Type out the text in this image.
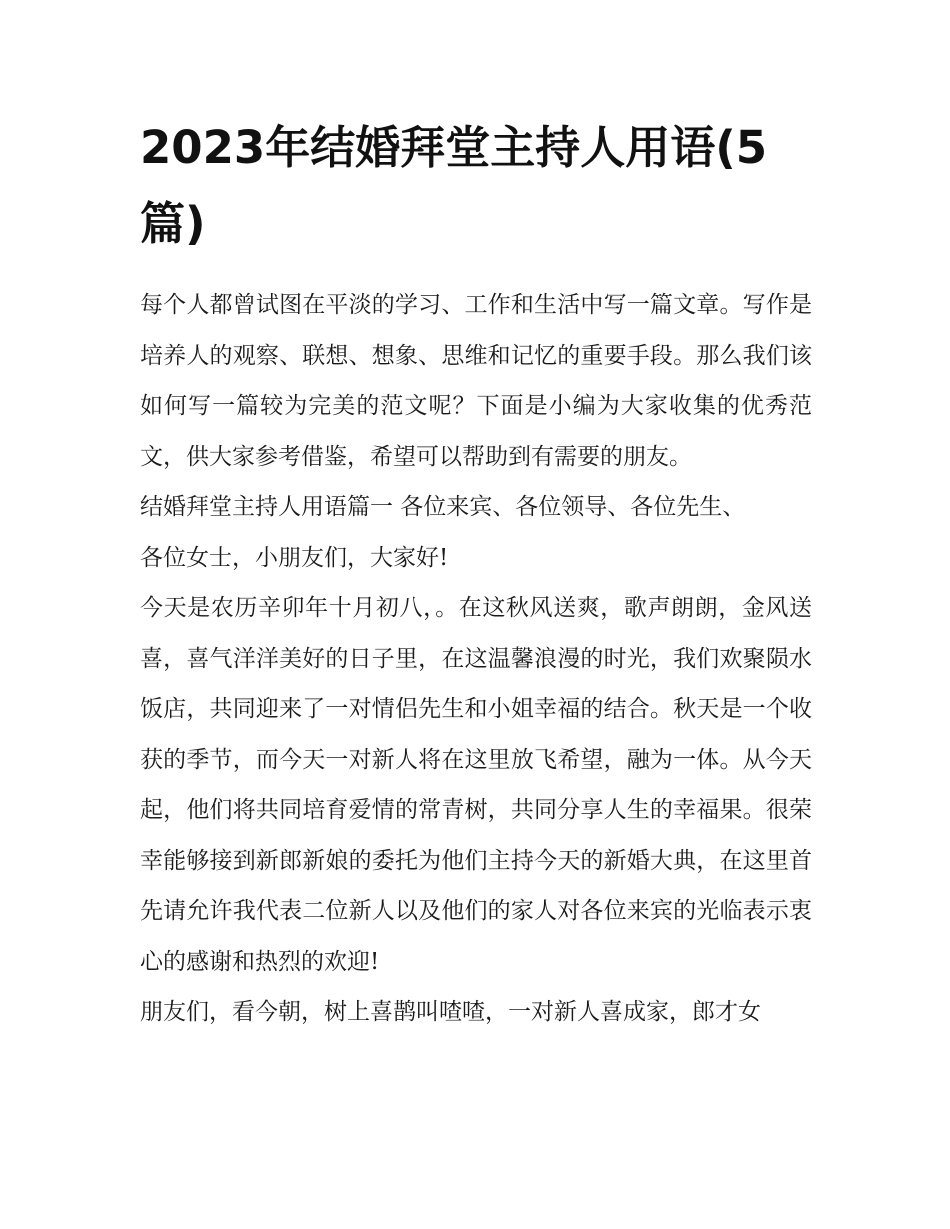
2023年结婚拜堂主持人用语(5篇)

每个人都曾试图在平淡的学习、工作和生活中写一篇文章。写作是培养人的观察、联想、想象、思维和记忆的重要手段。那么我们该如何写一篇较为完美的范文呢？下面是小编为大家收集的优秀范文，供大家参考借鉴，希望可以帮助到有需要的朋友。

结婚拜堂主持人用语篇一 各位来宾、各位领导、各位先生、

各位女士，小朋友们，大家好!

今天是农历辛卯年十月初八，。在这秋风送爽，歌声朗朗，金风送喜，喜气洋洋美好的日子里，在这温馨浪漫的时光，我们欢聚陨水饭店，共同迎来了一对情侣先生和小姐幸福的结合。秋天是一个收获的季节，而今天一对新人将在这里放飞希望，融为一体。从今天起，他们将共同培育爱情的常青树，共同分享人生的幸福果。很荣幸能够接到新郎新娘的委托为他们主持今天的新婚大典，在这里首先请允许我代表二位新人以及他们的家人对各位来宾的光临表示衷心的感谢和热烈的欢迎!

朋友们，看今朝，树上喜鹊叫喳喳，一对新人喜成家，郎才女
